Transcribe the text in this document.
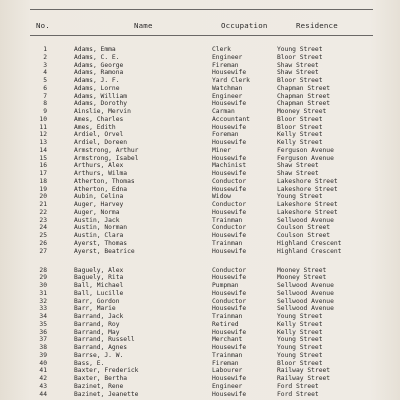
No.	Name	Occupation	Residence
1	Adams, Emma	Clerk	Young Street
2	Adams, C. E.	Engineer	Bloor Street
3	Adams, George	Fireman	Shaw Street
4	Adams, Ramona	Housewife	Shaw Street
5	Adams, J. F.	Yard Clerk	Bloor Street
6	Adams, Lorne	Watchman	Chapman Street
7	Adams, William	Engineer	Chapman Street
8	Adams, Dorothy	Housewife	Chapman Street
9	Ainslie, Mervin	Carman	Mooney Street
10	Ames, Charles	Accountant	Bloor Street
11	Ames, Edith	Housewife	Bloor Street
12	Ardiel, Orvel	Foreman	Kelly Street
13	Ardiel, Doreen	Housewife	Kelly Street
14	Armstrong, Arthur	Miner	Ferguson Avenue
15	Armstrong, Isabel	Housewife	Ferguson Avenue
16	Arthurs, Alex	Machinist	Shaw Street
17	Arthurs, Wilma	Housewife	Shaw Street
18	Atherton, Thomas	Conductor	Lakeshore Street
19	Atherton, Edna	Housewife	Lakeshore Street
20	Aubin, Celina	Widow	Young Street
21	Auger, Harvey	Conductor	Lakeshore Street
22	Auger, Norma	Housewife	Lakeshore Street
23	Austin, Jack	Trainman	Sellwood Avenue
24	Austin, Norman	Conductor	Coulson Street
25	Austin, Clara	Housewife	Coulson Street
26	Ayerst, Thomas	Trainman	Highland Crescent
27	Ayerst, Beatrice	Housewife	Highland Crescent
28	Baguely, Alex	Conductor	Mooney Street
29	Baguely, Rita	Housewife	Mooney Street
30	Ball, Michael	Pumpman	Sellwood Avenue
31	Ball, Lucille	Housewife	Sellwood Avenue
32	Barr, Gordon	Conductor	Sellwood Avenue
33	Barr, Marie	Housewife	Sellwood Avenue
34	Barrand, Jack	Trainman	Young Street
35	Barrand, Roy	Retired	Kelly Street
36	Barrand, May	Housewife	Kelly Street
37	Barrand, Russell	Merchant	Young Street
38	Barrand, Agnes	Housewife	Young Street
39	Barrse, J. W.	Trainman	Young Street
40	Bass, E.	Fireman	Bloor Street
41	Baxter, Frederick	Labourer	Railway Street
42	Baxter, Bertha	Housewife	Railway Street
43	Bazinet, Rene	Engineer	Ford Street
44	Bazinet, Jeanette	Housewife	Ford Street
